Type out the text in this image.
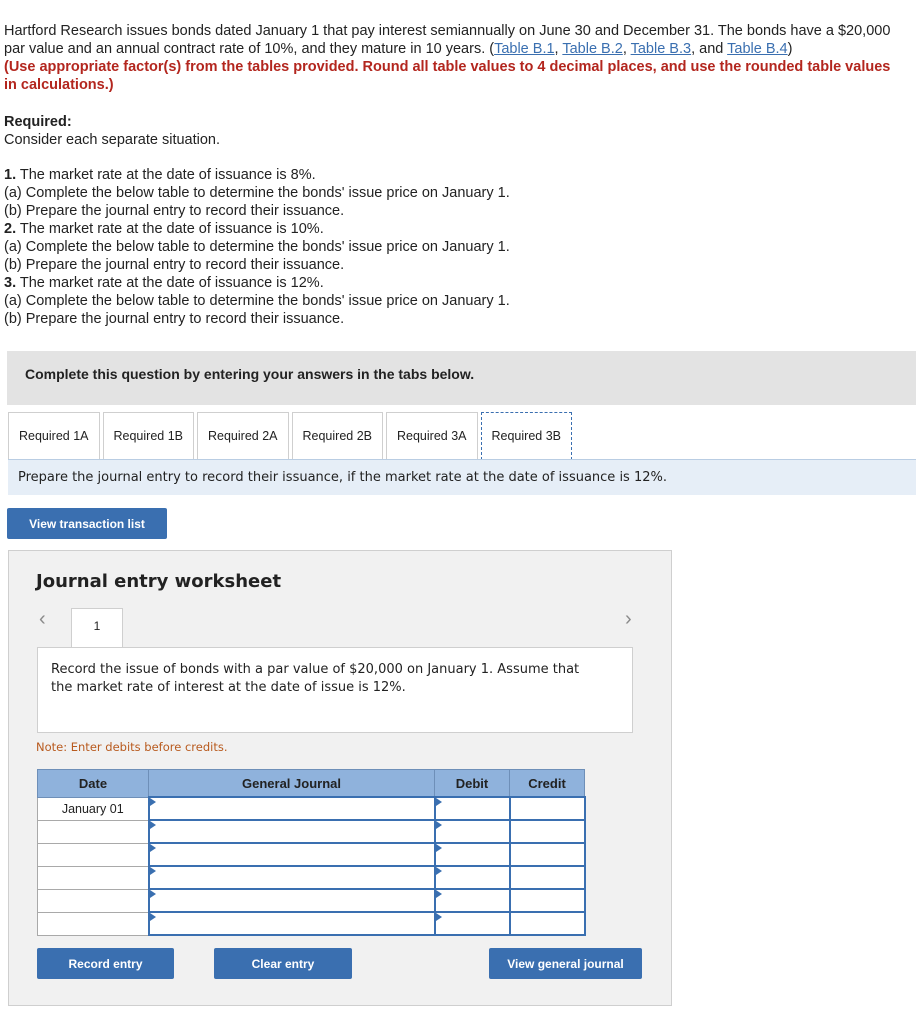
Hartford Research issues bonds dated January 1 that pay interest semiannually on June 30 and December 31. The bonds have a $20,000 par value and an annual contract rate of 10%, and they mature in 10 years. (Table B.1, Table B.2, Table B.3, and Table B.4)
(Use appropriate factor(s) from the tables provided. Round all table values to 4 decimal places, and use the rounded table values in calculations.)
Required:
Consider each separate situation.
1. The market rate at the date of issuance is 8%.
(a) Complete the below table to determine the bonds' issue price on January 1.
(b) Prepare the journal entry to record their issuance.
2. The market rate at the date of issuance is 10%.
(a) Complete the below table to determine the bonds' issue price on January 1.
(b) Prepare the journal entry to record their issuance.
3. The market rate at the date of issuance is 12%.
(a) Complete the below table to determine the bonds' issue price on January 1.
(b) Prepare the journal entry to record their issuance.
Complete this question by entering your answers in the tabs below.
Required 1A	Required 1B	Required 2A	Required 2B	Required 3A	Required 3B
Prepare the journal entry to record their issuance, if the market rate at the date of issuance is 12%.
View transaction list
Journal entry worksheet
‹	1	›
Record the issue of bonds with a par value of $20,000 on January 1. Assume that the market rate of interest at the date of issue is 12%.
Note: Enter debits before credits.
Date	General Journal	Debit	Credit
January 01	

Record entry	Clear entry	View general journal
